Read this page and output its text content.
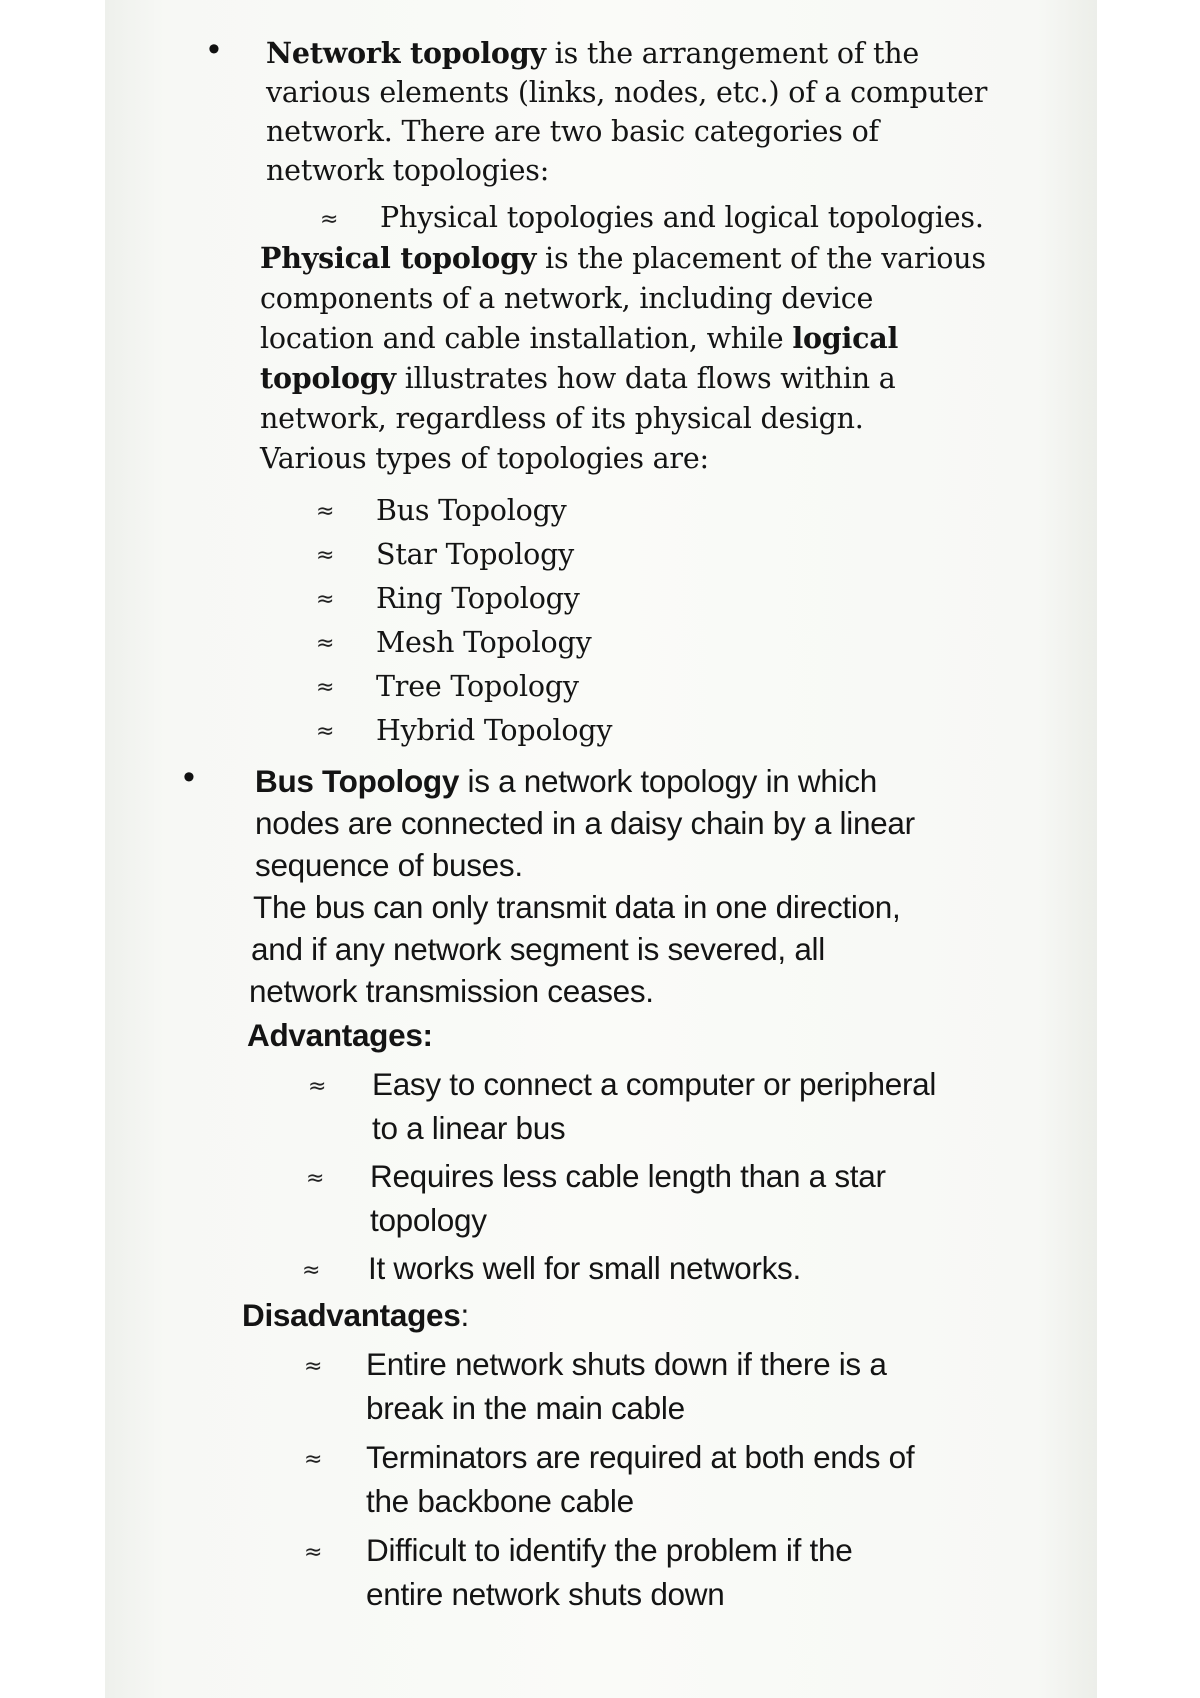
• Network topology is the arrangement of the
various elements (links, nodes, etc.) of a computer
network. There are two basic categories of
network topologies:
≈ Physical topologies and logical topologies.
Physical topology is the placement of the various
components of a network, including device
location and cable installation, while logical
topology illustrates how data flows within a
network, regardless of its physical design.
Various types of topologies are:
≈ Bus Topology
≈ Star Topology
≈ Ring Topology
≈ Mesh Topology
≈ Tree Topology
≈ Hybrid Topology
• Bus Topology is a network topology in which
nodes are connected in a daisy chain by a linear
sequence of buses.
The bus can only transmit data in one direction,
and if any network segment is severed, all
network transmission ceases.
Advantages:
≈ Easy to connect a computer or peripheral
to a linear bus
≈ Requires less cable length than a star
topology
≈ It works well for small networks.
Disadvantages:
≈ Entire network shuts down if there is a
break in the main cable
≈ Terminators are required at both ends of
the backbone cable
≈ Difficult to identify the problem if the
entire network shuts down
